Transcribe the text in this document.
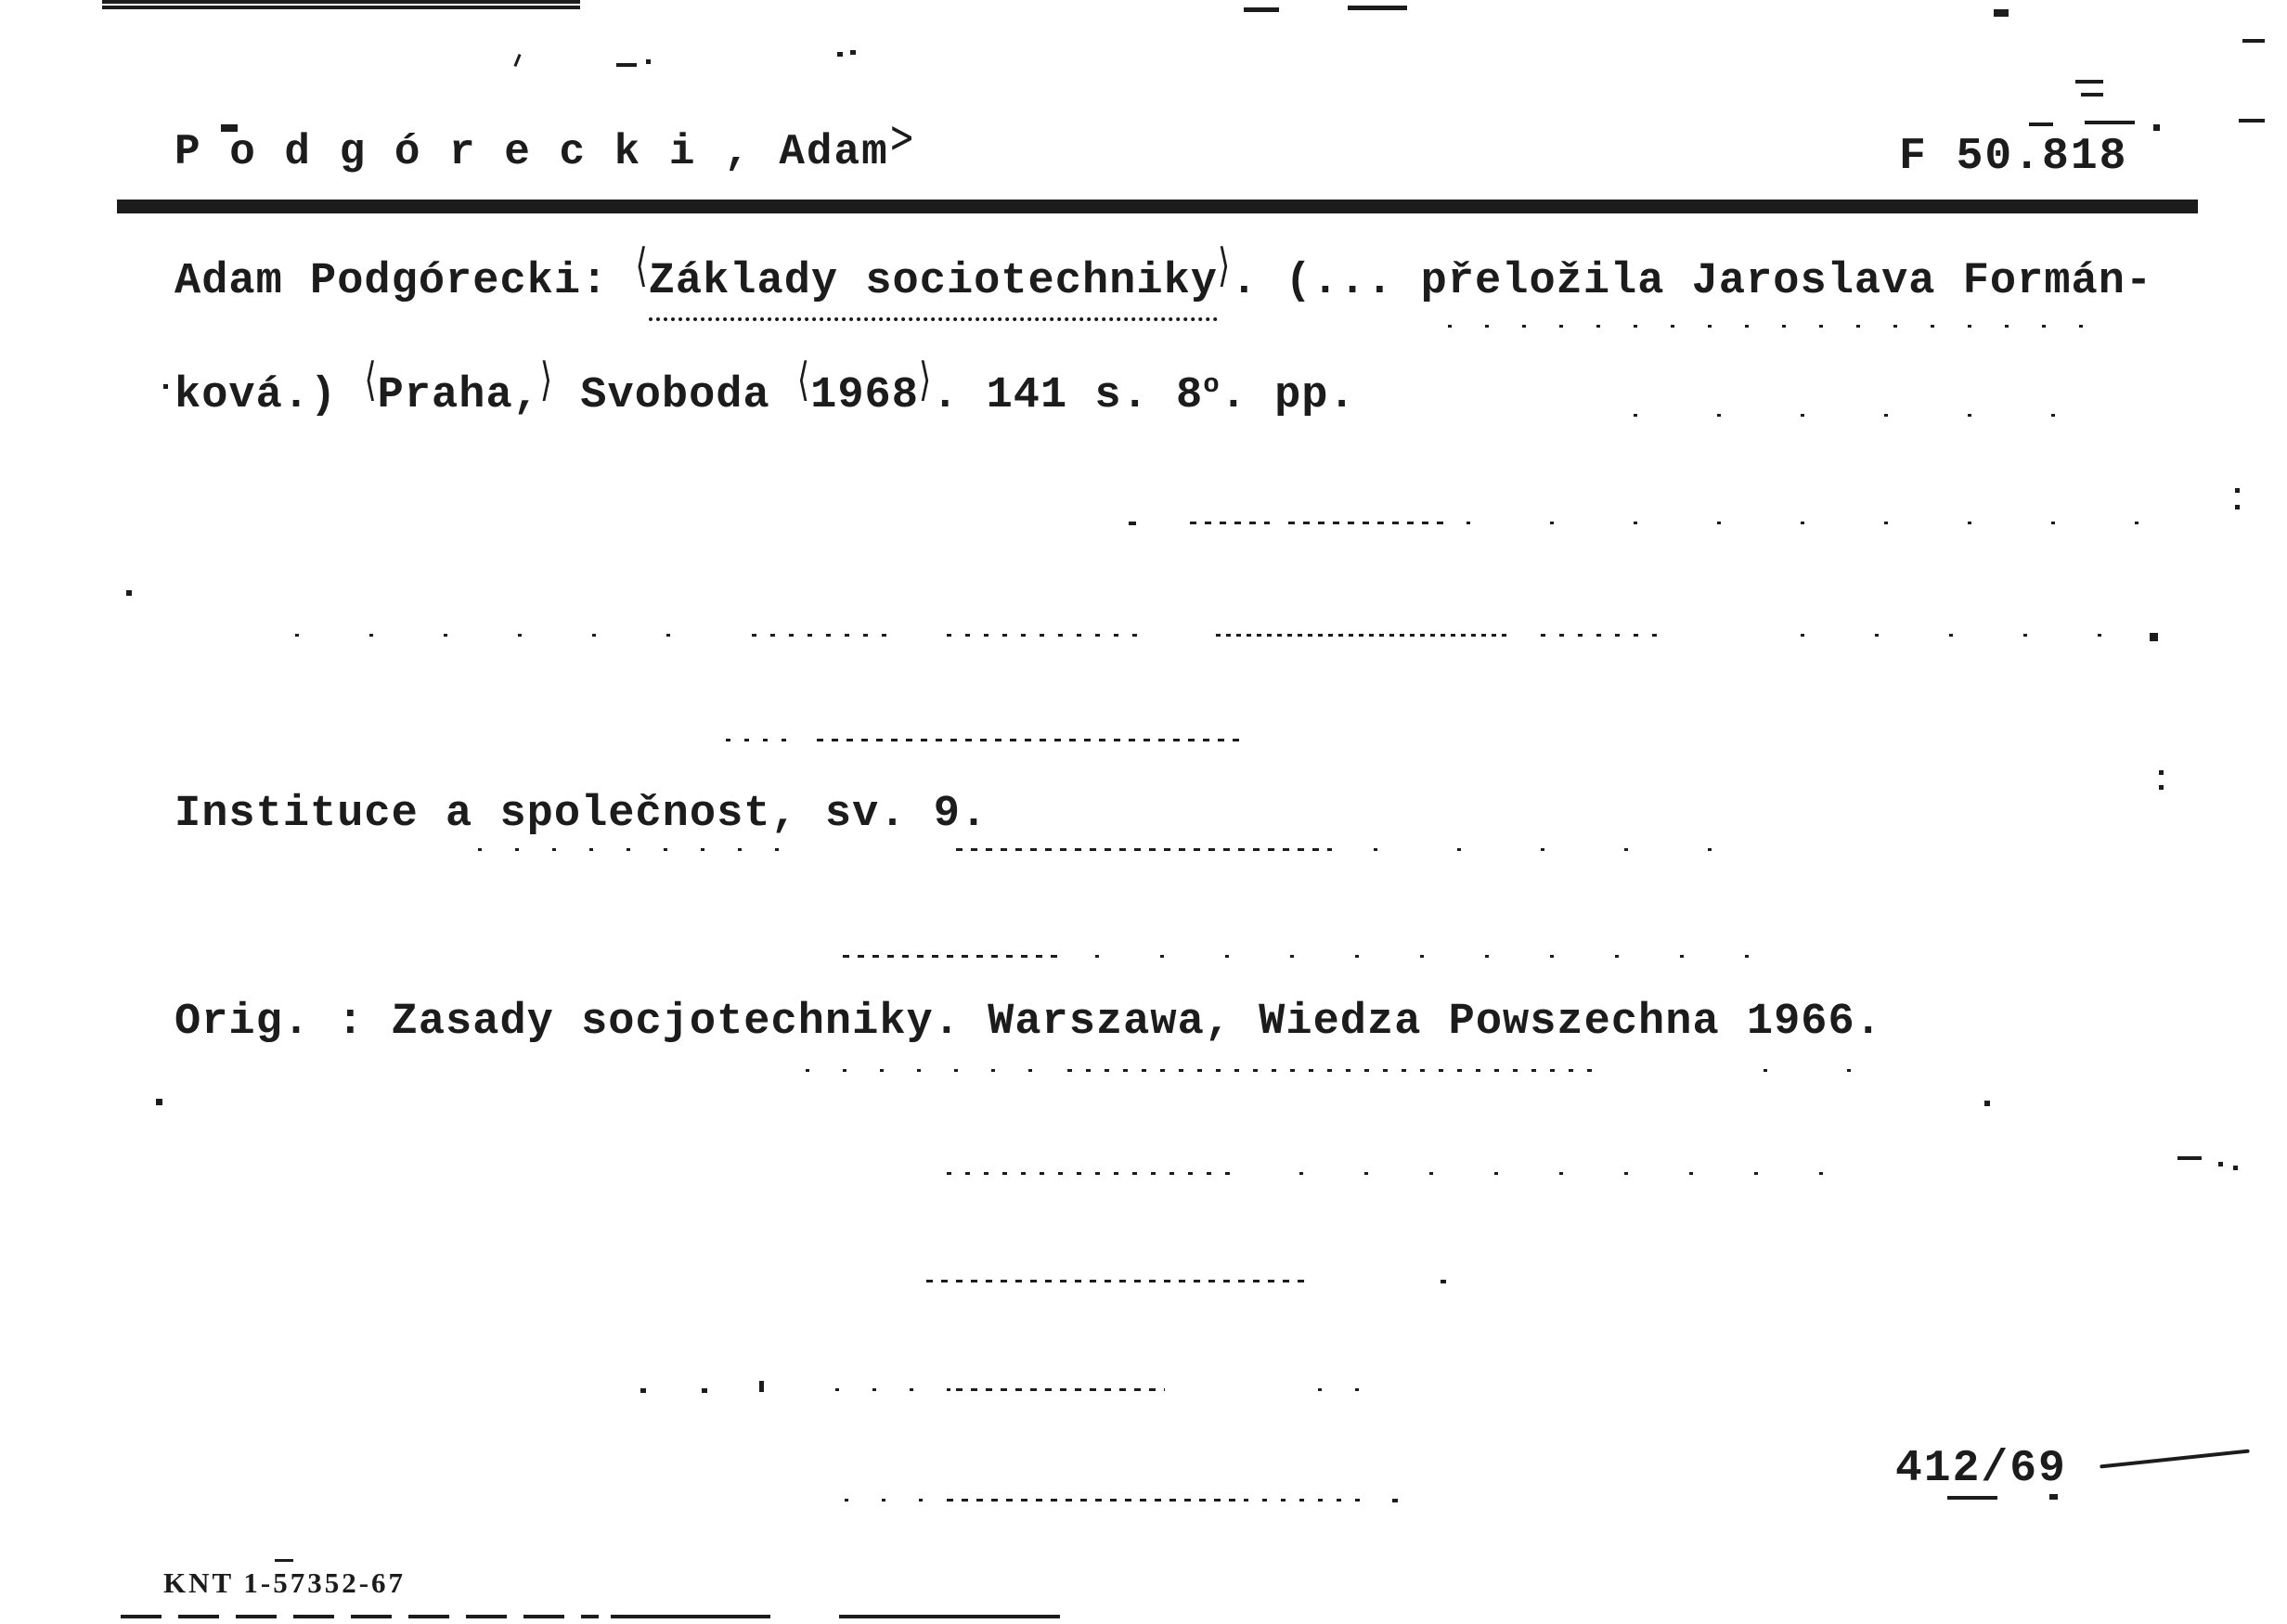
P o d g ó r e c k i , Adam>	F 50.818
Adam Podgórecki: ⟨Základy sociotechniky⟩. (... přeložila Jaroslava Formán-
ková.) ⟨Praha,⟩ Svoboda ⟨1968⟩. 141 s. 8o. pp.
Instituce a společnost, sv. 9.
Orig. : Zasady socjotechniky. Warszawa, Wiedza Powszechna 1966.
412/69
KNT 1-57352-67
